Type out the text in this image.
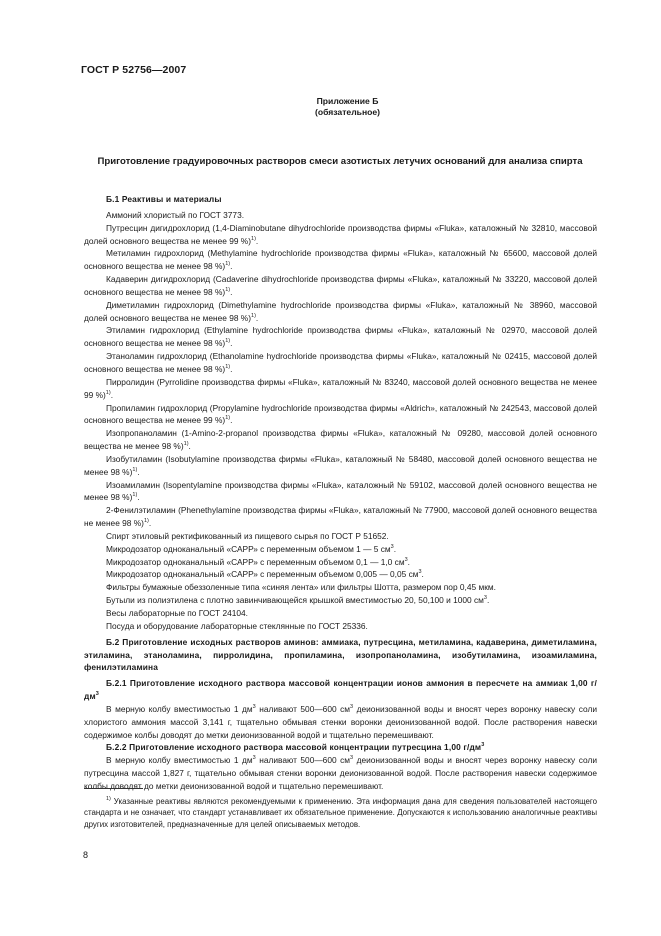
ГОСТ Р 52756—2007
Приложение Б
(обязательное)
Приготовление градуировочных растворов смеси азотистых летучих оснований для анализа спирта

Б.1 Реактивы и материалы

Аммоний хлористый по ГОСТ 3773.

Путресцин дигидрохлорид (1,4-Diaminobutane dihydrochloride производства фирмы «Fluka», каталожный № 32810, массовой долей основного вещества не менее 99 %)$^{1)}$.

Метиламин гидрохлорид (Methylamine hydrochloride производства фирмы «Fluka», каталожный № 65600, массовой долей основного вещества не менее 98 %)$^{1)}$.

Кадаверин дигидрохлорид (Cadaverine dihydrochloride производства фирмы «Fluka», каталожный № 33220, массовой долей основного вещества не менее 98 %)$^{1)}$.

Диметиламин гидрохлорид (Dimethylamine hydrochloride производства фирмы «Fluka», каталожный № 38960, массовой долей основного вещества не менее 98 %)$^{1)}$.

Этиламин гидрохлорид (Ethylamine hydrochloride производства фирмы «Fluka», каталожный № 02970, массовой долей основного вещества не менее 98 %)$^{1)}$.

Этаноламин гидрохлорид (Ethanolamine hydrochloride производства фирмы «Fluka», каталожный № 02415, массовой долей основного вещества не менее 98 %)$^{1)}$.

Пирролидин (Pyrrolidine производства фирмы «Fluka», каталожный № 83240, массовой долей основного вещества не менее 99 %)$^{1)}$.

Пропиламин гидрохлорид (Propylamine hydrochloride производства фирмы «Aldrich», каталожный № 242543, массовой долей основного вещества не менее 99 %)$^{1)}$.

Изопропаноламин (1-Amino-2-propanol производства фирмы «Fluka», каталожный № 09280, массовой долей основного вещества не менее 98 %)$^{1)}$.

Изобутиламин (Isobutylamine производства фирмы «Fluka», каталожный № 58480, массовой долей основного вещества не менее 98 %)$^{1)}$.

Изоамиламин (Isopentylamine производства фирмы «Fluka», каталожный № 59102, массовой долей основного вещества не менее 98 %)$^{1)}$.

2-Фенилэтиламин (Phenethylamine производства фирмы «Fluka», каталожный № 77900, массовой долей основного вещества не менее 98 %)$^{1)}$.

Спирт этиловый ректификованный из пищевого сырья по ГОСТ Р 51652.

Микродозатор одноканальный «САРР» с переменным объемом 1 — 5 $см^3$.

Микродозатор одноканальный «САРР» с переменным объемом 0,1 — 1,0 $см^3$.

Микродозатор одноканальный «САРР» с переменным объемом 0,005 — 0,05 $см^3$.

Фильтры бумажные обеззоленные типа «синяя лента» или фильтры Шотта, размером пор 0,45 мкм.

Бутыли из полиэтилена с плотно завинчивающейся крышкой вместимостью 20, 50,100 и 1000 $см^3$.

Весы лабораторные по ГОСТ 24104.

Посуда и оборудование лабораторные стеклянные по ГОСТ 25336.

Б.2 Приготовление исходных растворов аминов: аммиака, путресцина, метиламина, кадаверина, диметиламина, этиламина, этаноламина, пирролидина, пропиламина, изопропаноламина, изобутиламина, изоамиламина, фенилэтиламина

Б.2.1 Приготовление исходного раствора массовой концентрации ионов аммония в пересчете на аммиак 1,00 $г/дм^3$

В мерную колбу вместимостью 1 $дм^3$ наливают 500—600 $см^3$ деионизованной воды и вносят через воронку навеску соли хлористого аммония массой 3,141 г, тщательно обмывая стенки воронки деионизованной водой. После растворения навески содержимое колбы доводят до метки деионизованной водой и тщательно перемешивают.

Б.2.2 Приготовление исходного раствора массовой концентрации путресцина 1,00 $г/дм^3$

В мерную колбу вместимостью 1 $дм^3$ наливают 500—600 $см^3$ деионизованной воды и вносят через воронку навеску соли путресцина массой 1,827 г, тщательно обмывая стенки воронки деионизованной водой. После растворения навески содержимое колбы доводят до метки деионизованной водой и тщательно перемешивают.

$^{1)}$ Указанные реактивы являются рекомендуемыми к применению. Эта информация дана для сведения пользователей настоящего стандарта и не означает, что стандарт устанавливает их обязательное применение. Допускаются к использованию аналогичные реактивы других изготовителей, предназначенные для целей описываемых методов.
8
